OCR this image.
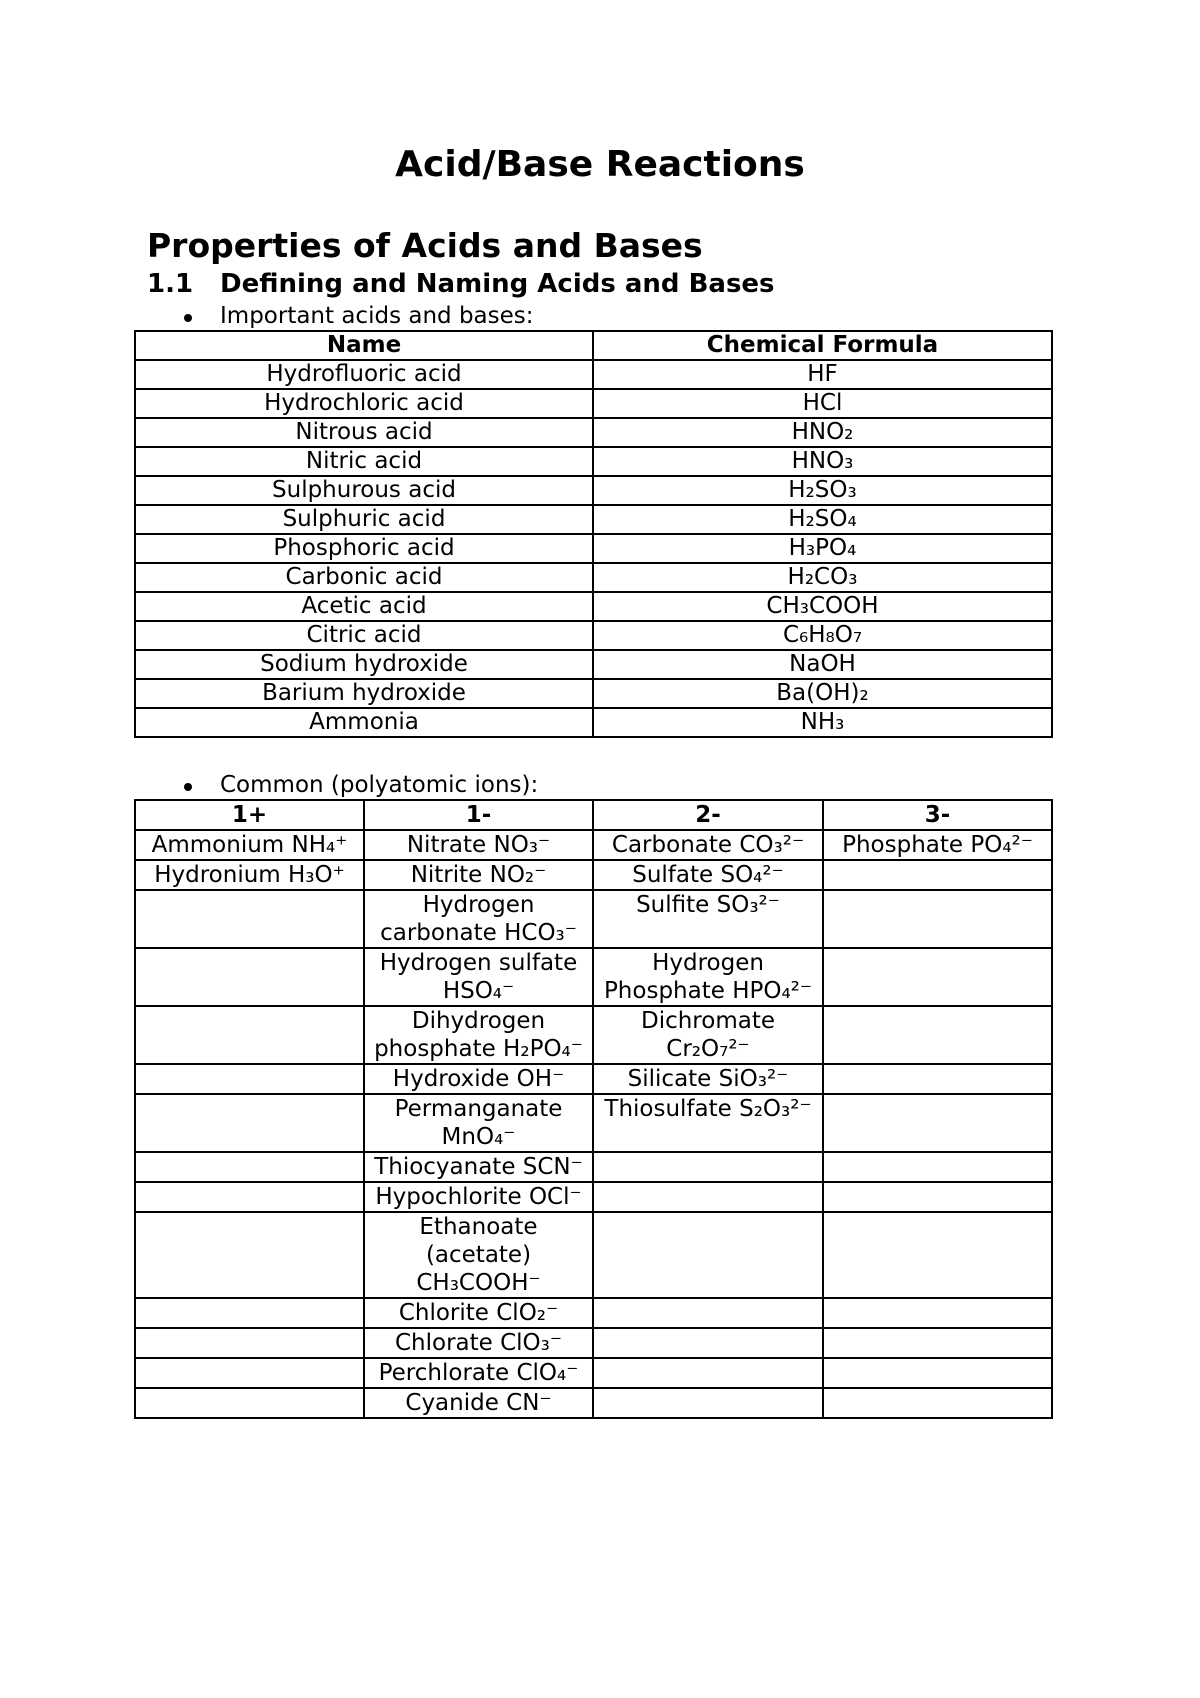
Acid/Base Reactions
Properties of Acids and Bases
1.1 Defining and Naming Acids and Bases
Important acids and bases:
Name	Chemical Formula
Hydrofluoric acid	HF
Hydrochloric acid	HCl
Nitrous acid	HNO₂
Nitric acid	HNO₃
Sulphurous acid	H₂SO₃
Sulphuric acid	H₂SO₄
Phosphoric acid	H₃PO₄
Carbonic acid	H₂CO₃
Acetic acid	CH₃COOH
Citric acid	C₆H₈O₇
Sodium hydroxide	NaOH
Barium hydroxide	Ba(OH)₂
Ammonia	NH₃
Common (polyatomic ions):
1+	1-	2-	3-
Ammonium NH₄⁺	Nitrate NO₃⁻	Carbonate CO₃²⁻	Phosphate PO₄²⁻
Hydronium H₃O⁺	Nitrite NO₂⁻	Sulfate SO₄²⁻	
	Hydrogen carbonate HCO₃⁻	Sulfite SO₃²⁻	
	Hydrogen sulfate HSO₄⁻	Hydrogen Phosphate HPO₄²⁻	
	Dihydrogen phosphate H₂PO₄⁻	Dichromate Cr₂O₇²⁻	
	Hydroxide OH⁻	Silicate SiO₃²⁻	
	Permanganate MnO₄⁻	Thiosulfate S₂O₃²⁻	
	Thiocyanate SCN⁻		
	Hypochlorite OCl⁻		
	Ethanoate (acetate) CH₃COOH⁻		
	Chlorite ClO₂⁻		
	Chlorate ClO₃⁻		
	Perchlorate ClO₄⁻		
	Cyanide CN⁻		
